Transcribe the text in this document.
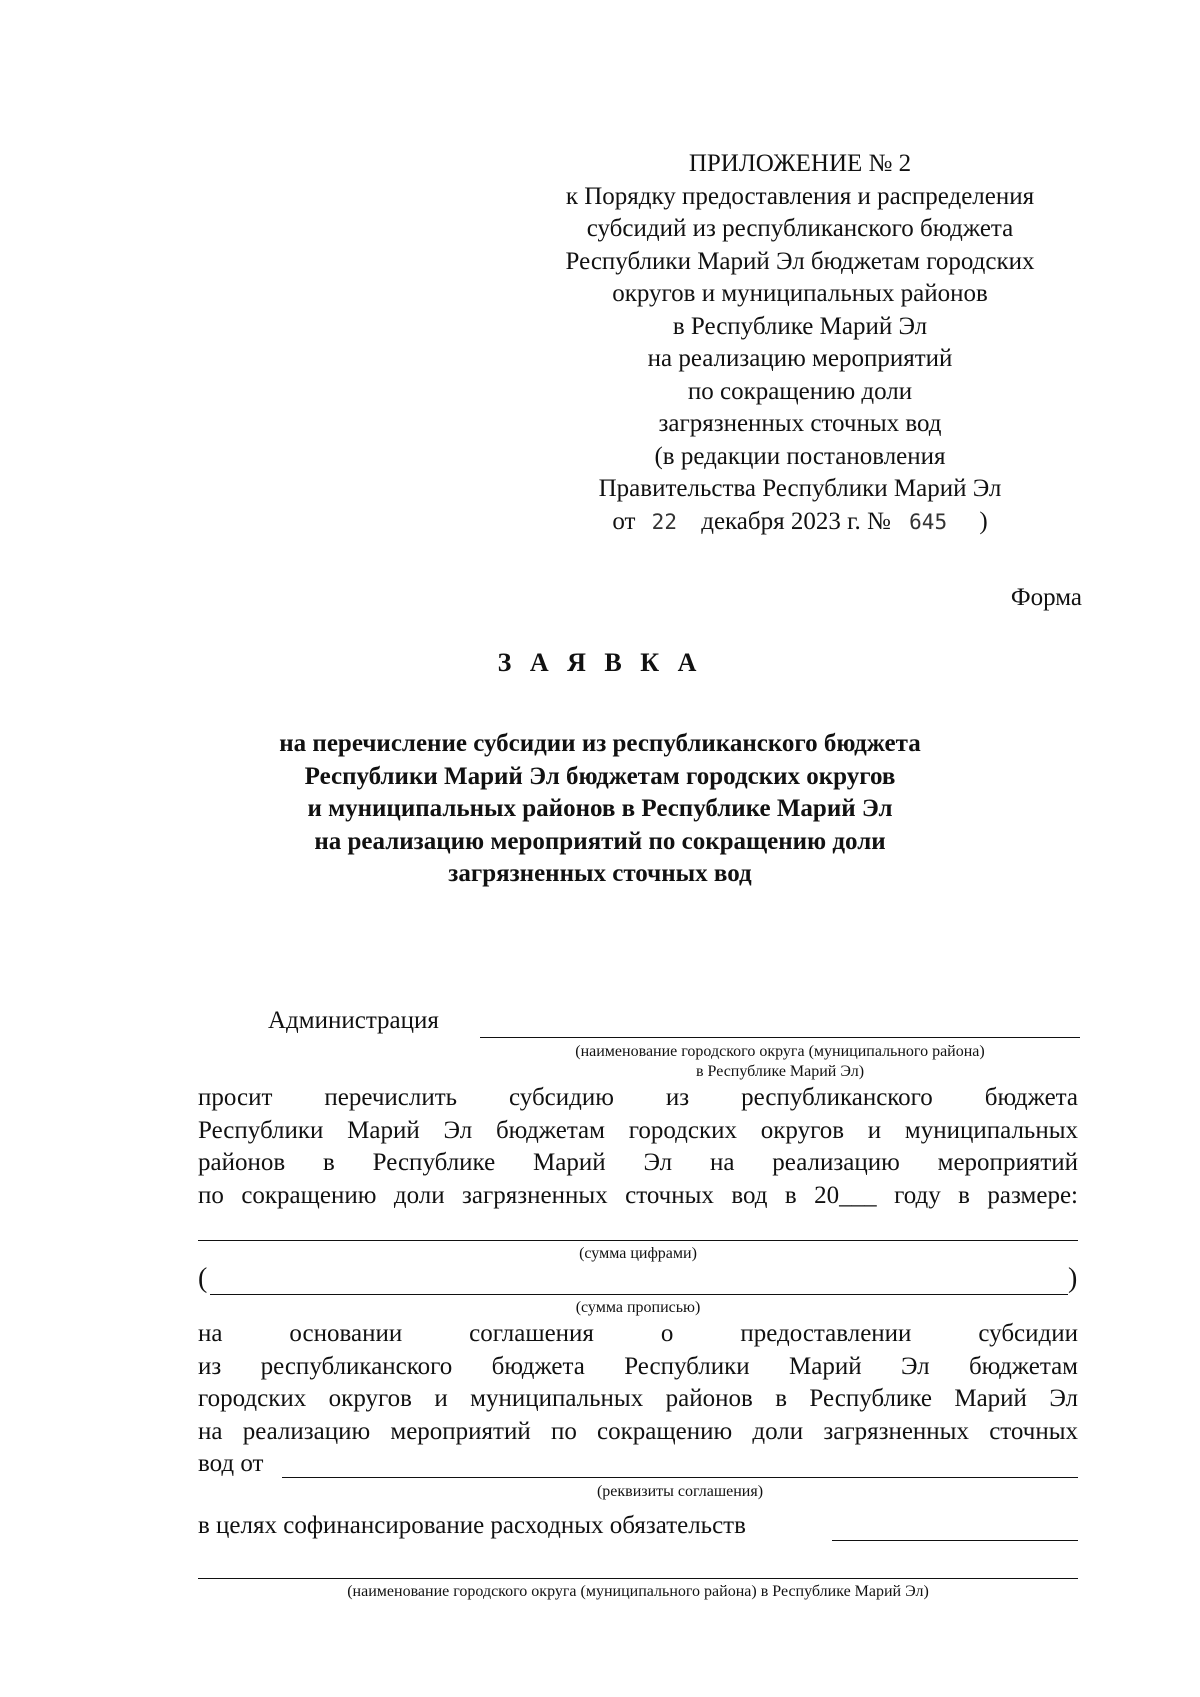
ПРИЛОЖЕНИЕ № 2
к Порядку предоставления и распределения
субсидий из республиканского бюджета
Республики Марий Эл бюджетам городских
округов и муниципальных районов
в Республике Марий Эл
на реализацию мероприятий
по сокращению доли
загрязненных сточных вод
(в редакции постановления
Правительства Республики Марий Эл
от 22 декабря 2023 г. № 645 )
Форма
З А Я В К А
на перечисление субсидии из республиканского бюджета
Республики Марий Эл бюджетам городских округов
и муниципальных районов в Республике Марий Эл
на реализацию мероприятий по сокращению доли
загрязненных сточных вод
Администрация
(наименование городского округа (муниципального района)
в Республике Марий Эл)
просит перечислить субсидию из республиканского бюджета
Республики Марий Эл бюджетам городских округов и муниципальных
районов в Республике Марий Эл на реализацию мероприятий
по сокращению доли загрязненных сточных вод в 20___ году в размере:
(сумма цифрами)
(	)
(сумма прописью)
на основании соглашения о предоставлении субсидии
из республиканского бюджета Республики Марий Эл бюджетам
городских округов и муниципальных районов в Республике Марий Эл
на реализацию мероприятий по сокращению доли загрязненных сточных
вод от
(реквизиты соглашения)
в целях софинансирование расходных обязательств
(наименование городского округа (муниципального района) в Республике Марий Эл)
